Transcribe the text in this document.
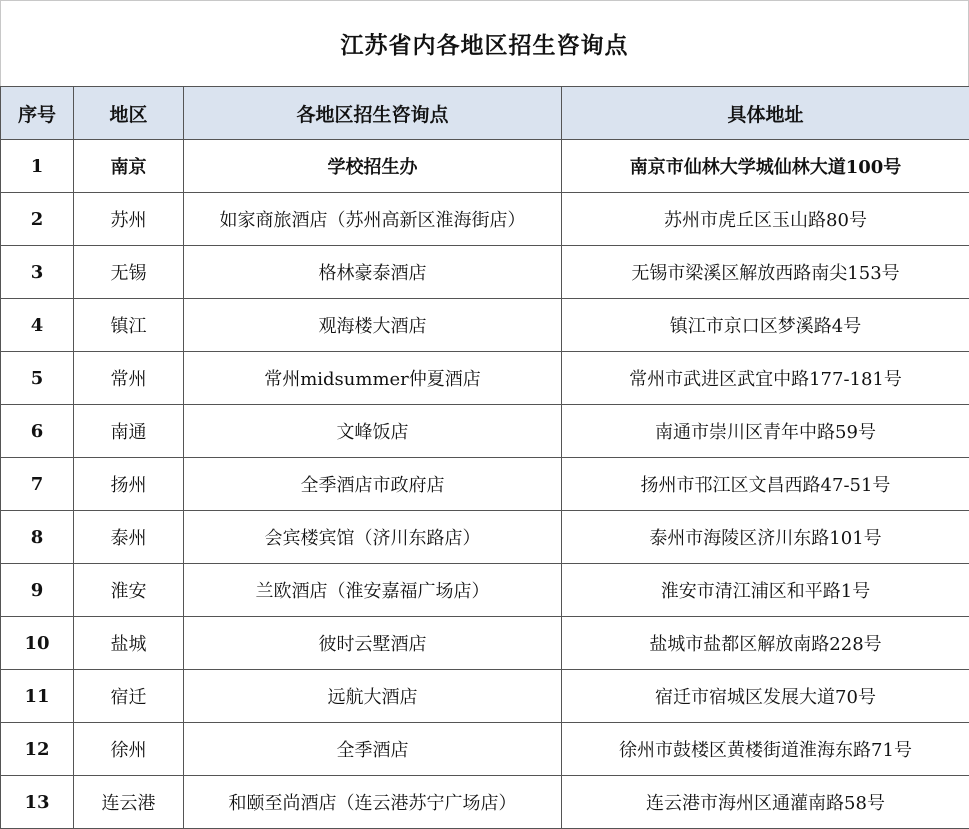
江苏省内各地区招生咨询点
序号	地区	各地区招生咨询点	具体地址
1	南京	学校招生办	南京市仙林大学城仙林大道100号
2	苏州	如家商旅酒店（苏州高新区淮海街店）	苏州市虎丘区玉山路80号
3	无锡	格林豪泰酒店	无锡市梁溪区解放西路南尖153号
4	镇江	观海楼大酒店	镇江市京口区梦溪路4号
5	常州	常州midsummer仲夏酒店	常州市武进区武宜中路177-181号
6	南通	文峰饭店	南通市崇川区青年中路59号
7	扬州	全季酒店市政府店	扬州市邗江区文昌西路47-51号
8	泰州	会宾楼宾馆（济川东路店）	泰州市海陵区济川东路101号
9	淮安	兰欧酒店（淮安嘉福广场店）	淮安市清江浦区和平路1号
10	盐城	彼时云墅酒店	盐城市盐都区解放南路228号
11	宿迁	远航大酒店	宿迁市宿城区发展大道70号
12	徐州	全季酒店	徐州市鼓楼区黄楼街道淮海东路71号
13	连云港	和颐至尚酒店（连云港苏宁广场店）	连云港市海州区通灌南路58号
